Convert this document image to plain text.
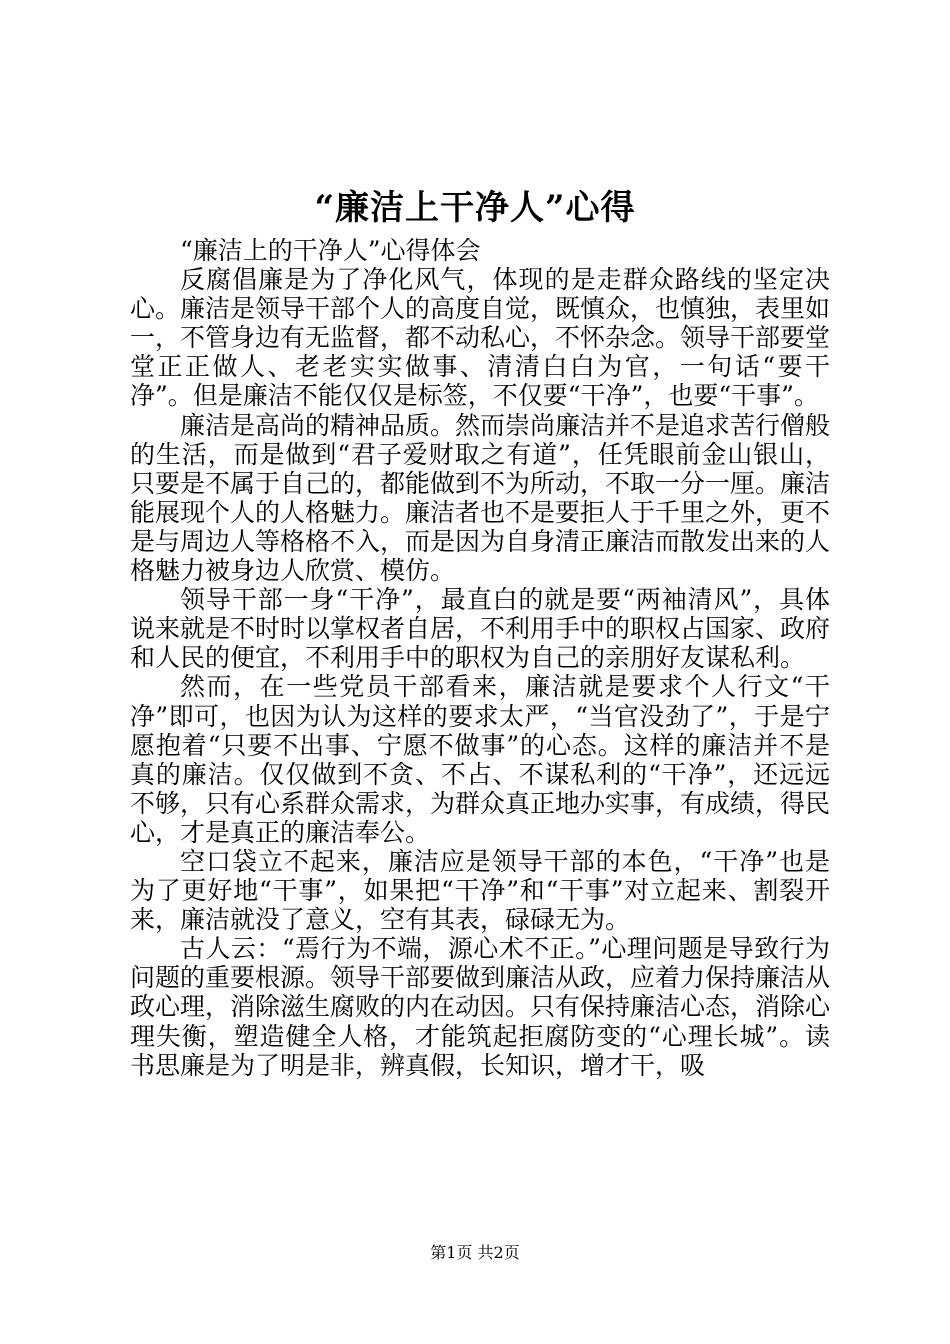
“廉洁上干净人”心得

“廉洁上的干净人”心得体会

反腐倡廉是为了净化风气，体现的是走群众路线的坚定决心。廉洁是领导干部个人的高度自觉，既慎众，也慎独，表里如一，不管身边有无监督，都不动私心，不怀杂念。领导干部要堂堂正正做人、老老实实做事、清清白白为官，一句话“要干净”。但是廉洁不能仅仅是标签，不仅要“干净”，也要“干事”。

廉洁是高尚的精神品质。然而崇尚廉洁并不是追求苦行僧般的生活，而是做到“君子爱财取之有道”，任凭眼前金山银山，只要是不属于自己的，都能做到不为所动，不取一分一厘。廉洁能展现个人的人格魅力。廉洁者也不是要拒人于千里之外，更不是与周边人等格格不入，而是因为自身清正廉洁而散发出来的人格魅力被身边人欣赏、模仿。

领导干部一身“干净”，最直白的就是要“两袖清风”，具体说来就是不时时以掌权者自居，不利用手中的职权占国家、政府和人民的便宜，不利用手中的职权为自己的亲朋好友谋私利。

然而，在一些党员干部看来，廉洁就是要求个人行文“干净”即可，也因为认为这样的要求太严，“当官没劲了”，于是宁愿抱着“只要不出事、宁愿不做事”的心态。这样的廉洁并不是真的廉洁。仅仅做到不贪、不占、不谋私利的“干净”，还远远不够，只有心系群众需求，为群众真正地办实事，有成绩，得民心，才是真正的廉洁奉公。

空口袋立不起来，廉洁应是领导干部的本色，“干净”也是为了更好地“干事”，如果把“干净”和“干事”对立起来、割裂开来，廉洁就没了意义，空有其表，碌碌无为。

古人云：“焉行为不端，源心术不正。”心理问题是导致行为问题的重要根源。领导干部要做到廉洁从政，应着力保持廉洁从政心理，消除滋生腐败的内在动因。只有保持廉洁心态，消除心理失衡，塑造健全人格，才能筑起拒腐防变的“心理长城”。读书思廉是为了明是非，辨真假，长知识，增才干，吸

第1页 共2页
